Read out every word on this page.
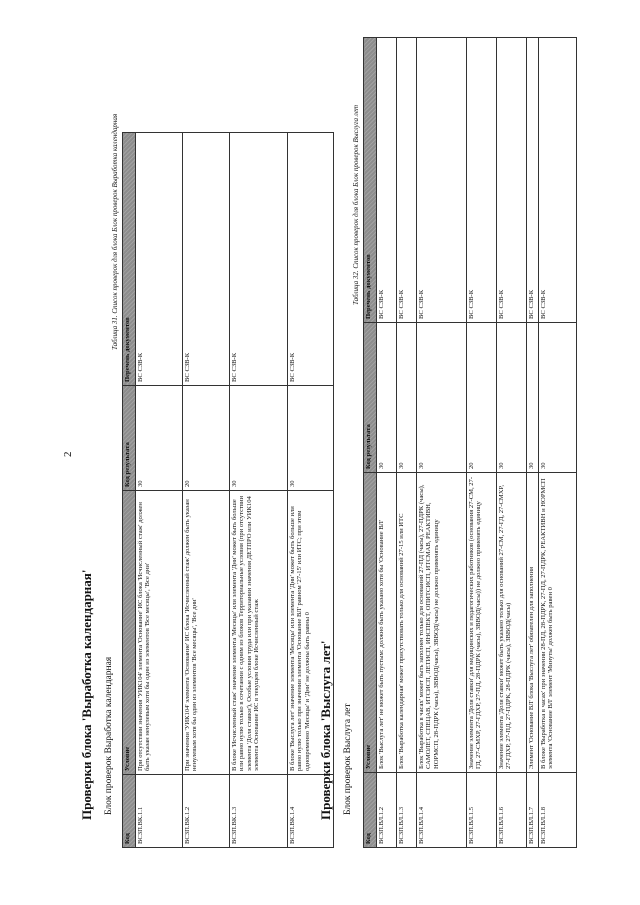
2
Проверки блока 'Выработка календарная' Блок проверок Выработка календарная
Таблица 31. Список проверок для блока Блок проверок Выработка календарная
Код	Условие	Код результата	Перечень документов
ВСЗП.ВК.1.1	При отсутствии значения 'УИК104' элемента 'Основание' ИС блока 'Исчисленный стаж' должен быть указан ненулевым хотя бы один из элементов 'Все месяцы', 'Все дни'	30	ВС СЗВ-К
ВСЗП.ВК.1.2	При значении 'УИК104' элемента 'Основание' ИС блока 'Исчисленный стаж' должен быть указан ненулевым хотя бы один из элементов 'Все месяцы', 'Все дни'	20	ВС СЗВ-К
ВСЗП.ВК.1.3	В блоке 'Исчисленный стаж' значение элемента 'Месяцы' или элемента 'Дни' может быть больше или равно нулю только в сочетании с одним из блоков Территориальные условия (при отсутствии элемента 'Доля ставки'), Особые условия труда или при указании значения ДЕТПРО или УИК104 элемента Основание ИС в текущем блоке Исчисленный стаж	30	ВС СЗВ-К
ВСЗП.ВК.1.4	В блоке 'Выслуга лет' значение элемента 'Месяцы' или элемента 'Дни' может быть больше или равно нулю только при значении элемента 'Основание ВЛ' равном '27-15' или ИТС; при этом одновременно 'Месяцы' и 'Дни' не должны быть равны 0	30	ВС СЗВ-К
Проверки блока 'Выслуга лет' Блок проверок Выслуга лет
Таблица 32. Список проверок для блока Блок проверок Выслуга лет
Код	Условие	Код результата	Перечень документов
ВСЗП.ВЛ.1.2	Блок 'Выслуга лет' не может быть пустым: должно быть указано хотя бы 'Основание ВЛ'	30	ВС СЗВ-К
ВСЗП.ВЛ.1.3	Блок 'Выработка календарная' может присутствовать только для оснований 27-15 или ИТС	30	ВС СЗВ-К
ВСЗП.ВЛ.1.4	Блок 'Выработка в часах' может быть заполнен только для оснований 27-ПД (часы), 27-ПДРК (часы), САМОЛЕТ, СПЕЦАВ, ИТСИСП, ЛЕТИСП, ИНСПЕКТ, ОПИТСИСП, ИТСМАВ, РЕАКТИВН, НОРМСП, 28-ПДРК (часы), ЗВВОД(часы), ЗВВОД(часы) не должно применять единицу	30	ВС СЗВ-К
ВСЗП.ВЛ.1.5	Значение элемента 'Доля ставки' для медицинских и педагогических работников (основания 27-СМ, 27-ГД, 27-СМХР, 27-ГДХР, 27-ПД, 28-ПДРК (часы), ЗВВОД(часы)) не должно применять единицу	20	ВС СЗВ-К
ВСЗП.ВЛ.1.6	Значение элемента 'Доля ставки' может быть указано только для оснований 27-СМ, 27-ГД, 27-СМХР, 27-ГДХР, 27-ПД, 27-ПДРК, 28-ПДРК (часы), ЗВВОД(часы)	30	ВС СЗВ-К
ВСЗП.ВЛ.1.7	Элемент 'Основание ВЛ' блока 'Выслуга лет' обязателен для заполнения	30	ВС СЗВ-К
ВСЗП.ВЛ.1.8	В блоке 'Выработка в часах' при значении 28-ПД, 28-ПДРК, 27-ПД, 27-ПДРК, РЕАКТИВН и НОРМСП элемента 'Основание ВЛ' элемент 'Минуты' должен быть равен 0	30	ВС СЗВ-К
